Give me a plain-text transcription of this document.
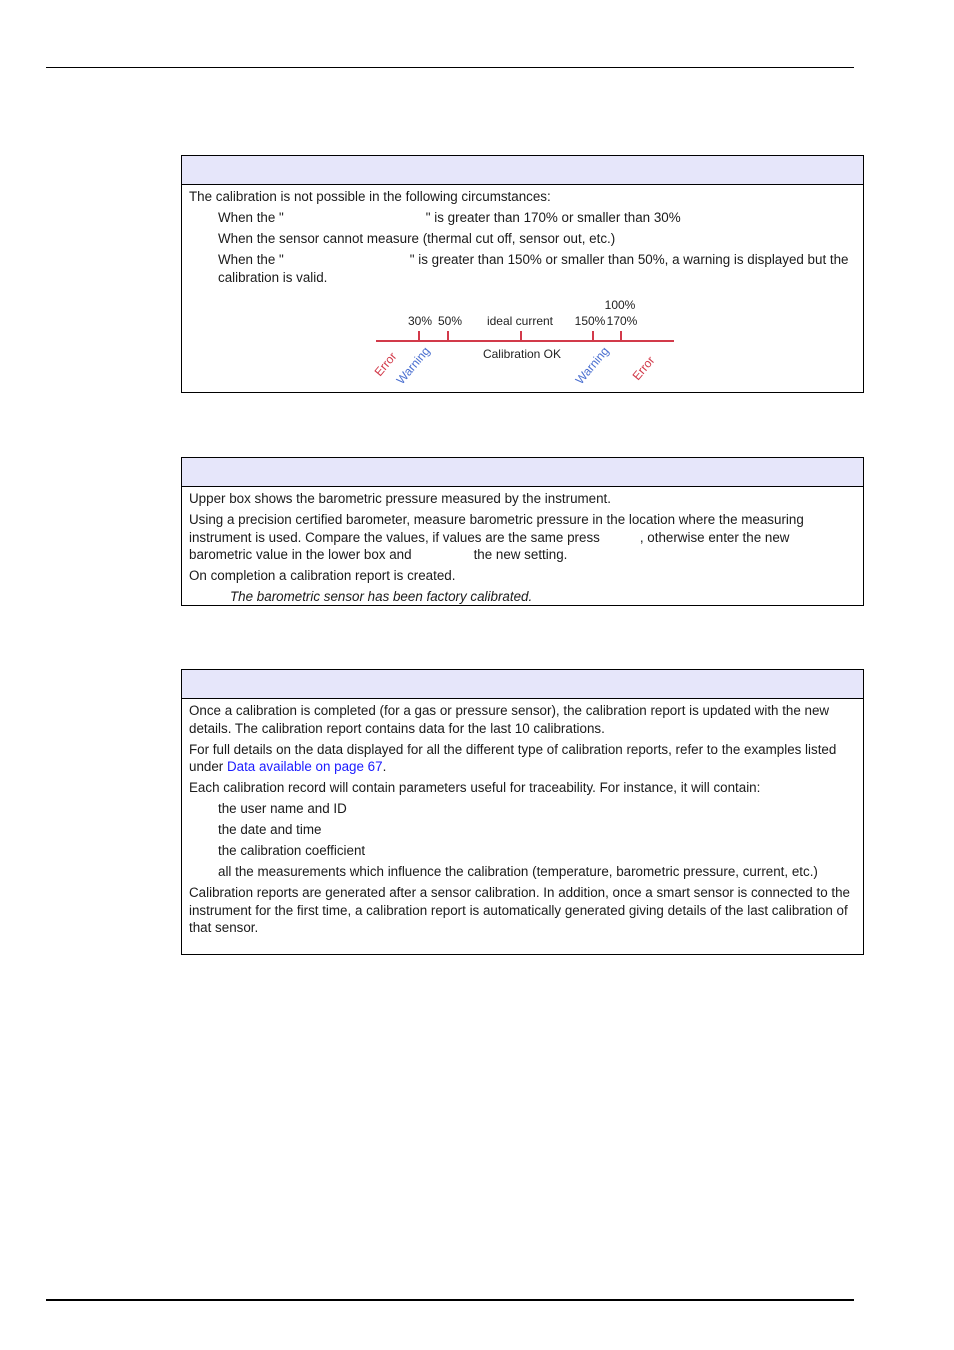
The calibration is not possible in the following circumstances:

When the "	" is greater than 170% or smaller than 30%

When the sensor cannot measure (thermal cut off, sensor out, etc.)

When the "	" is greater than 150% or smaller than 50%, a warning is displayed but the calibration is valid.

100%
ideal current
30% 50%	150% 170%
Calibration OK
Error
Warning	Warning Error

Upper box shows the barometric pressure measured by the instrument.

Using a precision certified barometer, measure barometric pressure in the location where the measuring instrument is used. Compare the values, if values are the same press	, otherwise enter the new barometric value in the lower box and	the new setting.

On completion a calibration report is created.

The barometric sensor has been factory calibrated.

Once a calibration is completed (for a gas or pressure sensor), the calibration report is updated with the new details. The calibration report contains data for the last 10 calibrations.

For full details on the data displayed for all the different type of calibration reports, refer to the examples listed under Data available on page 67.

Each calibration record will contain parameters useful for traceability. For instance, it will contain:

the user name and ID

the date and time

the calibration coefficient

all the measurements which influence the calibration (temperature, barometric pressure, current, etc.)

Calibration reports are generated after a sensor calibration. In addition, once a smart sensor is connected to the instrument for the first time, a calibration report is automatically generated giving details of the last calibration of that sensor.
